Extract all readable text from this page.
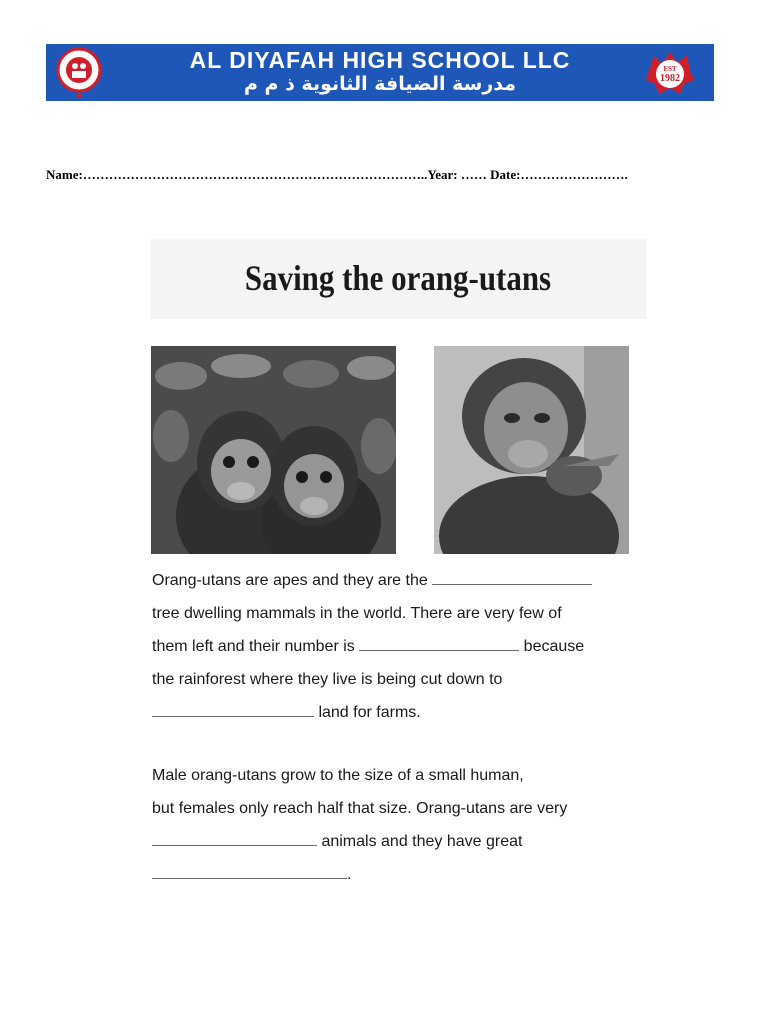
AL DIYAFAH HIGH SCHOOL LLC
مدرسة الضيافة الثانوية ذ م م
EST
1982
Name:……………………………………………………………………..Year: …… Date:…………………….
Saving the orang-utans
Orang-utans are apes and they are the
tree dwelling mammals in the world. There are very few of
them left and their number is	because
the rainforest where they live is being cut down to
land for farms.
Male orang-utans grow to the size of a small human,
but females only reach half that size. Orang-utans are very
animals and they have great
.
